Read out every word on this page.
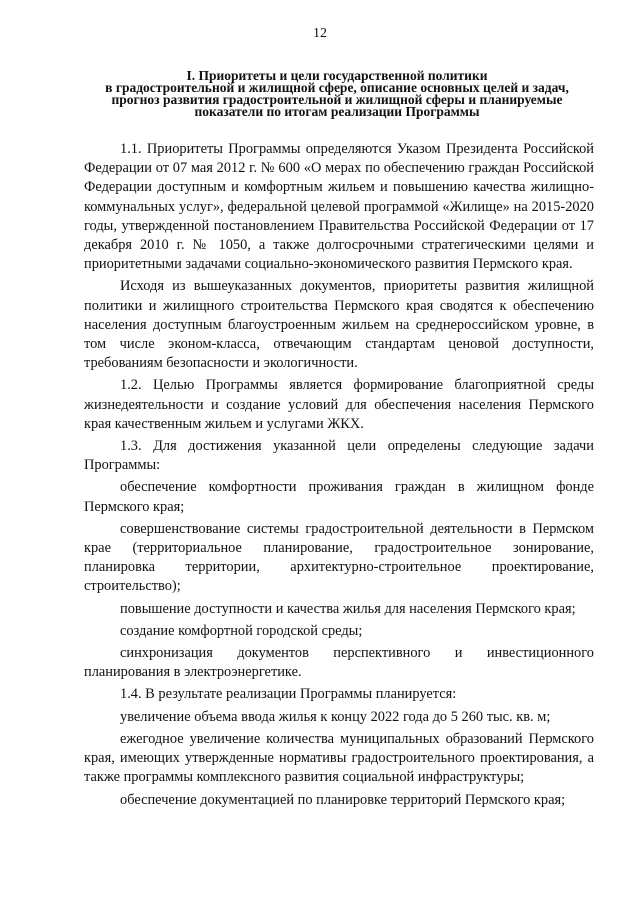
12
I. Приоритеты и цели государственной политики
в градостроительной и жилищной сфере, описание основных целей и задач,
прогноз развития градостроительной и жилищной сферы и планируемые
показатели по итогам реализации Программы

1.1. Приоритеты Программы определяются Указом Президента Российской Федерации от 07 мая 2012 г. № 600 «О мерах по обеспечению граждан Российской Федерации доступным и комфортным жильем и повышению качества жилищно-коммунальных услуг», федеральной целевой программой «Жилище» на 2015-2020 годы, утвержденной постановлением Правительства Российской Федерации от 17 декабря 2010 г. № 1050, а также долгосрочными стратегическими целями и приоритетными задачами социально-экономического развития Пермского края.

Исходя из вышеуказанных документов, приоритеты развития жилищной политики и жилищного строительства Пермского края сводятся к обеспечению населения доступным благоустроенным жильем на среднероссийском уровне, в том числе эконом-класса, отвечающим стандартам ценовой доступности, требованиям безопасности и экологичности.

1.2. Целью Программы является формирование благоприятной среды жизнедеятельности и создание условий для обеспечения населения Пермского края качественным жильем и услугами ЖКХ.

1.3. Для достижения указанной цели определены следующие задачи Программы:

обеспечение комфортности проживания граждан в жилищном фонде Пермского края;

совершенствование системы градостроительной деятельности в Пермском крае (территориальное планирование, градостроительное зонирование, планировка территории, архитектурно-строительное проектирование, строительство);

повышение доступности и качества жилья для населения Пермского края;

создание комфортной городской среды;

синхронизация документов перспективного и инвестиционного планирования в электроэнергетике.

1.4. В результате реализации Программы планируется:

увеличение объема ввода жилья к концу 2022 года до 5 260 тыс. кв. м;

ежегодное увеличение количества муниципальных образований Пермского края, имеющих утвержденные нормативы градостроительного проектирования, а также программы комплексного развития социальной инфраструктуры;

обеспечение документацией по планировке территорий Пермского края;
